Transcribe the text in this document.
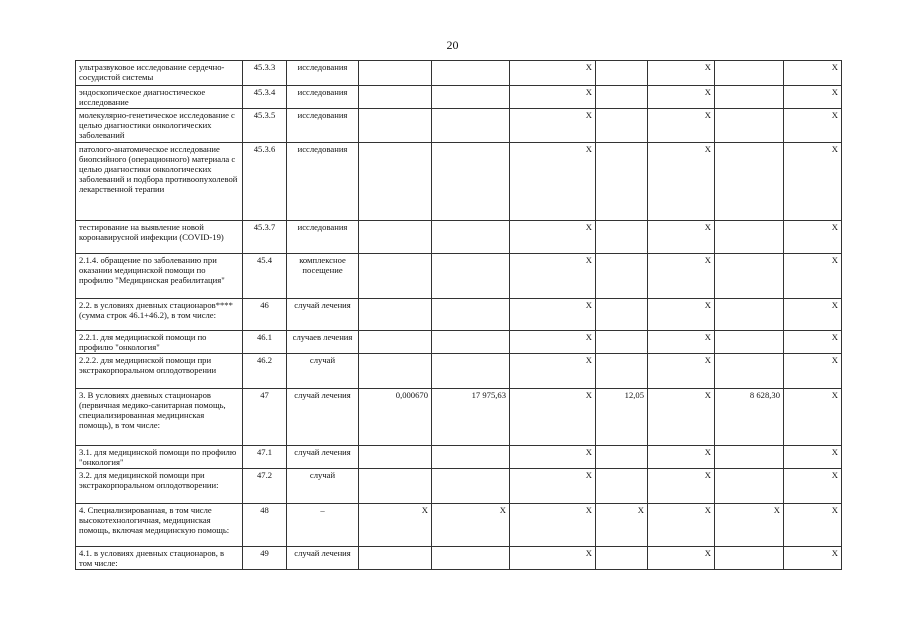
20
ультразвуковое исследование сердечно-сосудистой системы	45.3.3	исследования			X		X		X
эндоскопическое диагностическое исследование	45.3.4	исследования			X		X		X
молекулярно-генетическое исследование с целью диагностики онкологических заболеваний	45.3.5	исследования			X		X		X
патолого-анатомическое исследование биопсийного (операционного) материала с целью диагностики онкологических заболеваний и подбора противоопухолевой лекарственной терапии	45.3.6	исследования			X		X		X
тестирование на выявление новой коронавирусной инфекции (COVID-19)	45.3.7	исследования			X		X		X
2.1.4. обращение по заболеванию при оказании медицинской помощи по профилю "Медицинская реабилитация"	45.4	комплексное посещение			X		X		X
2.2. в условиях дневных стационаров**** (сумма строк 46.1+46.2), в том числе:	46	случай лечения			X		X		X
2.2.1. для медицинской помощи по профилю "онкология"	46.1	случаев лечения			X		X		X
2.2.2. для медицинской помощи при экстракорпоральном оплодотворении	46.2	случай			X		X		X
3. В условиях дневных стационаров (первичная медико-санитарная помощь, специализированная медицинская помощь), в том числе:	47	случай лечения	0,000670	17 975,63	X	12,05	X	8 628,30	X
3.1. для медицинской помощи по профилю "онкология"	47.1	случай лечения			X		X		X
3.2. для медицинской помощи при экстракорпоральном оплодотворении:	47.2	случай			X		X		X
4. Специализированная, в том числе высокотехнологичная, медицинская помощь, включая медицинскую помощь:	48	–	X	X	X	X	X	X	X
4.1. в условиях дневных стационаров, в том числе:	49	случай лечения			X		X		X
